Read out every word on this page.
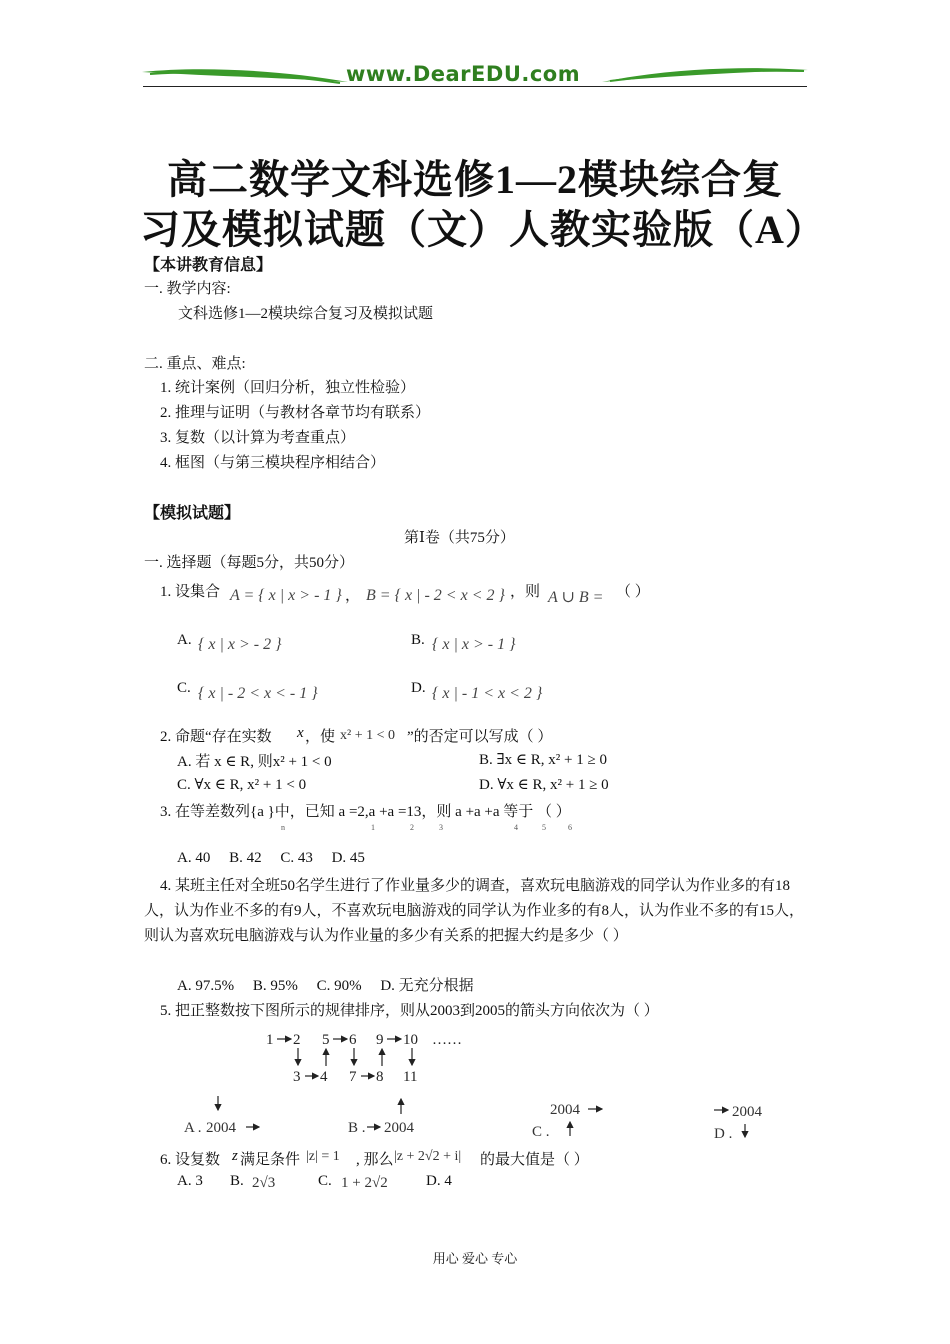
www.DearEDU.com
高二数学文科选修1—2模块综合复
习及模拟试题（文）人教实验版（A）
【本讲教育信息】
一. 教学内容:
文科选修1—2模块综合复习及模拟试题
二. 重点、难点:
1. 统计案例（回归分析，独立性检验）
2. 推理与证明（与教材各章节均有联系）
3. 复数（以计算为考查重点）
4. 框图（与第三模块程序相结合）
【模拟试题】
第Ⅰ卷（共75分）
一. 选择题（每题5分，共50分）
1. 设集合 A = { x | x > - 1 } ， B = { x | - 2 < x < 2 } ，则 A ∪ B = （ ）
A. { x | x > - 2 }	B. { x | x > - 1 }
C. { x | - 2 < x < - 1 }	D. { x | - 1 < x < 2 }
2. 命题“存在实数 x ，使 x² + 1 < 0 ”的否定可以写成（ ）
A. 若 x ∈ R, 则x² + 1 < 0	B. ∃x ∈ R, x² + 1 ≥ 0
C. ∀x ∈ R, x² + 1 < 0	D. ∀x ∈ R, x² + 1 ≥ 0
3. 在等差数列{a }中，已知 a =2,a +a =13，则 a +a +a 等于 （ ）
n	1	2	3	4	5	6
A. 40     B. 42     C. 43     D. 45
4. 某班主任对全班50名学生进行了作业量多少的调查，喜欢玩电脑游戏的同学认为作业多的有18人，认为作业不多的有9人，不喜欢玩电脑游戏的同学认为作业多的有8人，认为作业不多的有15人，则认为喜欢玩电脑游戏与认为作业量的多少有关系的把握大约是多少（ ）
A. 97.5%     B. 95%     C. 90%     D. 无充分根据
5. 把正整数按下图所示的规律排序，则从2003到2005的箭头方向依次为（ ）
1 2 5 6 9 10 ……
3 4 7 8 11
A . 2004	B . 2004
2004
C .
2004
D .
6. 设复数 z 满足条件 |z| = 1 , 那么 |z + 2√2 + i| 的最大值是（ ）
A. 3 B. 2√3	C. 1 + 2√2	D. 4
用心 爱心 专心
